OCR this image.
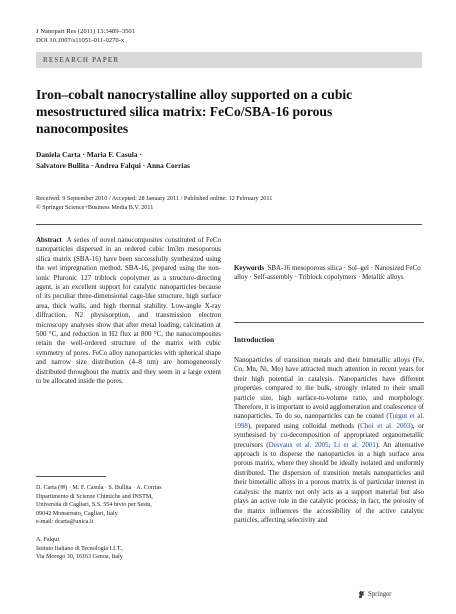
J Nanopart Res (2011) 13:3489–3501
DOI 10.1007/s11051-011-0270-x
RESEARCH PAPER
Iron–cobalt nanocrystalline alloy supported on a cubic
mesostructured silica matrix: FeCo/SBA-16 porous
nanocomposites
Daniela Carta · Maria F. Casula ·
Salvatore Bullita · Andrea Falqui · Anna Corrias
Received: 9 September 2010 / Accepted: 28 January 2011 / Published online: 12 February 2011
© Springer Science+Business Media B.V. 2011

Abstract A series of novel nanocomposites constituted of FeCo nanoparticles dispersed in an ordered cubic Im3m mesoporous silica matrix (SBA-16) have been successfully synthesized using the wet impregnation method. SBA-16, prepared using the non-ionic Pluronic 127 triblock copolymer as a structure-directing agent, is an excellent support for catalytic nanoparticles because of its peculiar three-dimensional cage-like structure, high surface area, thick walls, and high thermal stability. Low-angle X-ray diffraction, N2 physisorption, and transmission electron microscopy analyses show that after metal loading, calcination at 500 °C, and reduction in H2 flux at 800 °C, the nanocomposites retain the well-ordered structure of the matrix with cubic symmetry of pores. FeCo alloy nanoparticles with spherical shape and narrow size distribution (4–8 nm) are homogeneously distributed throughout the matrix and they seem in a large extent to be allocated inside the pores.

Keywords SBA-16 mesoporous silica · Sol–gel · Nanosized FeCo alloy · Self-assembly · Triblock copolymers · Metallic alloys

Introduction

Nanoparticles of transition metals and their bimetallic alloys (Fe, Co, Mn, Ni, Mo) have attracted much attention in recent years for their high potential in catalysis. Nanoparticles have different properties compared to the bulk, strongly related to their small particle size, high surface-to-volume ratio, and morphology. Therefore, it is important to avoid agglomeration and coalescence of nanoparticles. To do so, nanoparticles can be coated (Turgut et al. 1998), prepared using colloidal methods (Choi et al. 2003), or synthesised by co-decomposition of appropriated organometallic precursors (Desvaux et al. 2005; Li et al. 2001). An alternative approach is to disperse the nanoparticles in a high surface area porous matrix, where they should be ideally isolated and uniformly distributed. The dispersion of transition metals nanoparticles and their bimetallic alloys in a porous matrix is of particular interest in catalysis: the matrix not only acts as a support material but also plays an active role in the catalytic process; in fact, the porosity of the matrix influences the accessibility of the active catalytic particles, affecting selectivity and

D. Carta (✉) · M. F. Casula · S. Bullita · A. Corrias
Dipartimento di Scienze Chimiche and INSTM,
Università di Cagliari, S.S. 554 bivio per Sestu,
09042 Monserrato, Cagliari, Italy
e-mail: dcarta@unica.it
A. Falqui
Istituto Italiano di Tecnologia I.I.T.,
Via Morego 30, 16163 Genoa, Italy
Springer
